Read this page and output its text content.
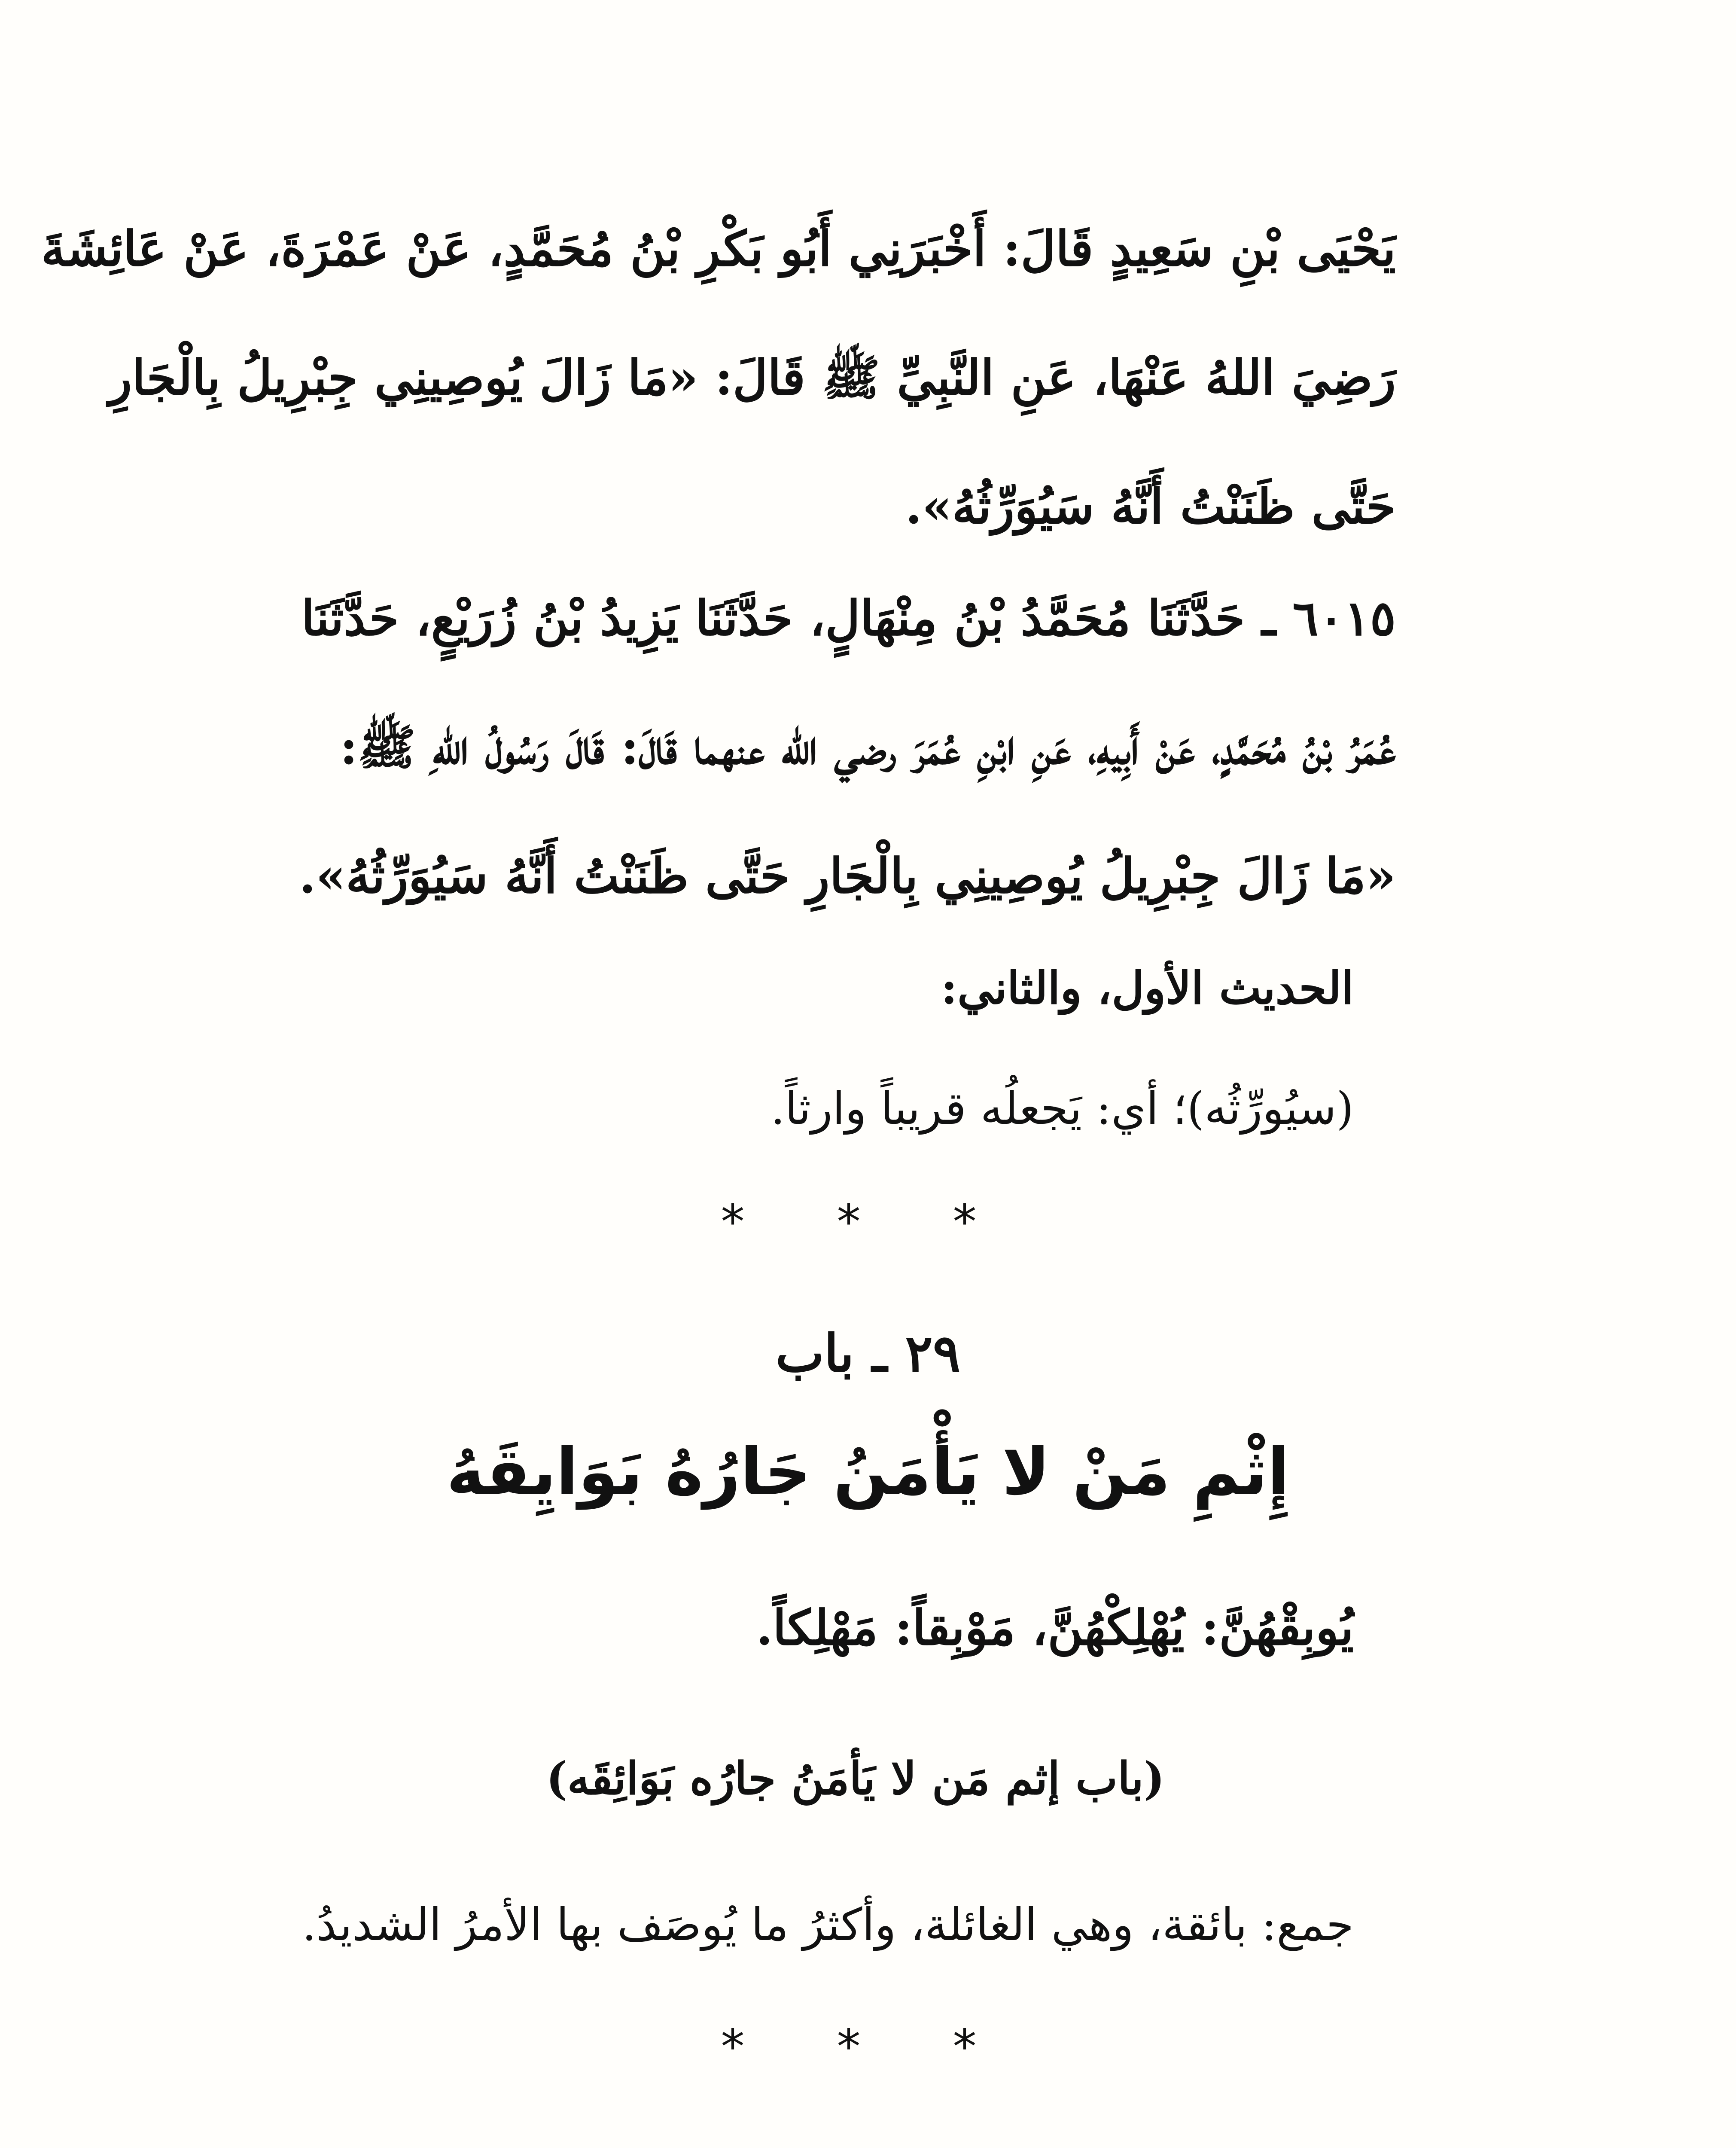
يَحْيَى بْنِ سَعِيدٍ قَالَ: أَخْبَرَنِي أَبُو بَكْرِ بْنُ مُحَمَّدٍ، عَنْ عَمْرَةَ، عَنْ عَائِشَةَ
رَضِيَ اللهُ عَنْهَا، عَنِ النَّبِيِّ ﷺ قَالَ: «مَا زَالَ يُوصِينِي جِبْرِيلُ بِالْجَارِ
حَتَّى ظَنَنْتُ أَنَّهُ سَيُوَرِّثُهُ».
٦٠١٥ ـ حَدَّثَنَا مُحَمَّدُ بْنُ مِنْهَالٍ، حَدَّثَنَا يَزِيدُ بْنُ زُرَيْعٍ، حَدَّثَنَا
عُمَرُ بْنُ مُحَمَّدٍ، عَنْ أَبِيهِ، عَنِ ابْنِ عُمَرَ رضي الله عنهما قَالَ: قَالَ رَسُولُ اللهِ ﷺ:
«مَا زَالَ جِبْرِيلُ يُوصِينِي بِالْجَارِ حَتَّى ظَنَنْتُ أَنَّهُ سَيُوَرِّثُهُ».
الحديث الأول، والثاني:
(سيُورِّثُه)؛ أي: يَجعلُه قريباً وارثاً.
* * *
٢٩ ـ باب
إِثْمِ مَنْ لا يَأْمَنُ جَارُهُ بَوَايِقَهُ
يُوبِقْهُنَّ: يُهْلِكْهُنَّ، مَوْبِقاً: مَهْلِكاً.
(باب إثم مَن لا يَأمَنُ جارُه بَوَائِقَه)
جمع: بائقة، وهي الغائلة، وأكثرُ ما يُوصَف بها الأمرُ الشديدُ.
* * *
